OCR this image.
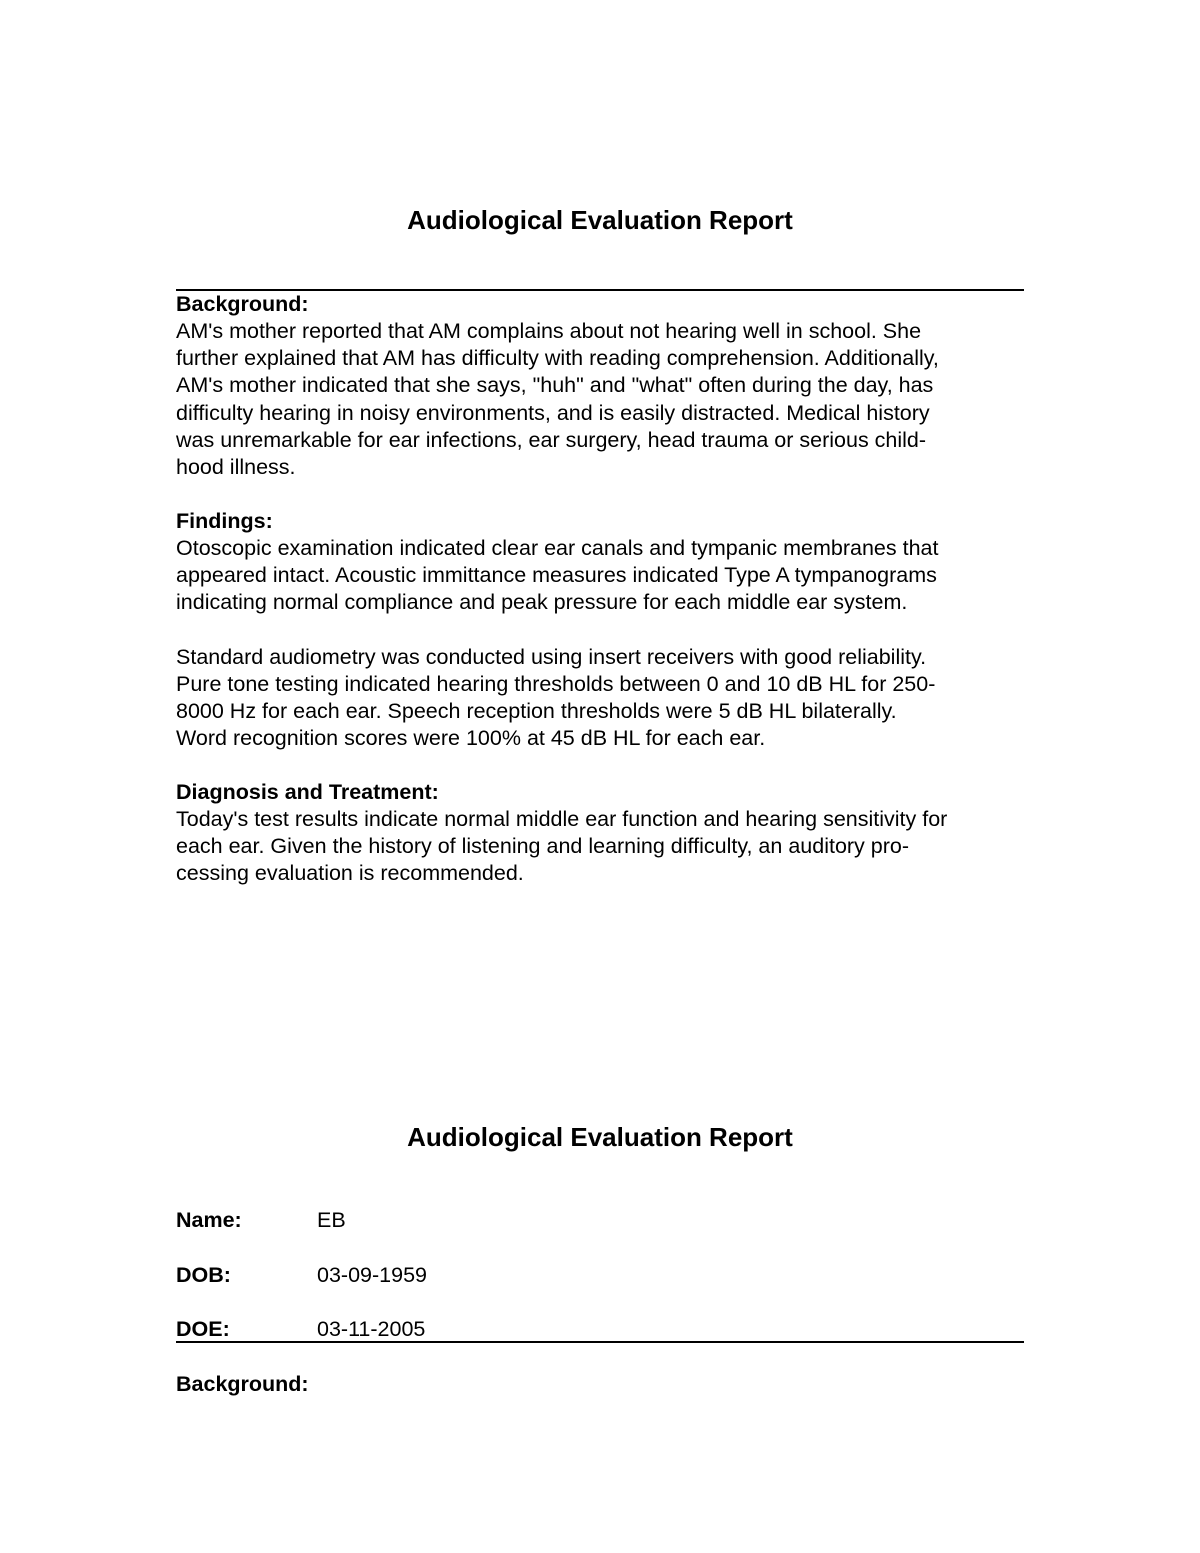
Audiological Evaluation Report

Background:

AM's mother reported that AM complains about not hearing well in school. She
further explained that AM has difficulty with reading comprehension. Additionally,
AM's mother indicated that she says, "huh" and "what" often during the day, has
difficulty hearing in noisy environments, and is easily distracted. Medical history
was unremarkable for ear infections, ear surgery, head trauma or serious child-
hood illness.

Findings:

Otoscopic examination indicated clear ear canals and tympanic membranes that
appeared intact. Acoustic immittance measures indicated Type A tympanograms
indicating normal compliance and peak pressure for each middle ear system.

Standard audiometry was conducted using insert receivers with good reliability.
Pure tone testing indicated hearing thresholds between 0 and 10 dB HL for 250-
8000 Hz for each ear. Speech reception thresholds were 5 dB HL bilaterally.
Word recognition scores were 100% at 45 dB HL for each ear.

Diagnosis and Treatment:

Today's test results indicate normal middle ear function and hearing sensitivity for
each ear. Given the history of listening and learning difficulty, an auditory pro-
cessing evaluation is recommended.

Audiological Evaluation Report
Name:	EB
DOB:	03-09-1959
DOE:	03-11-2005

Background:
